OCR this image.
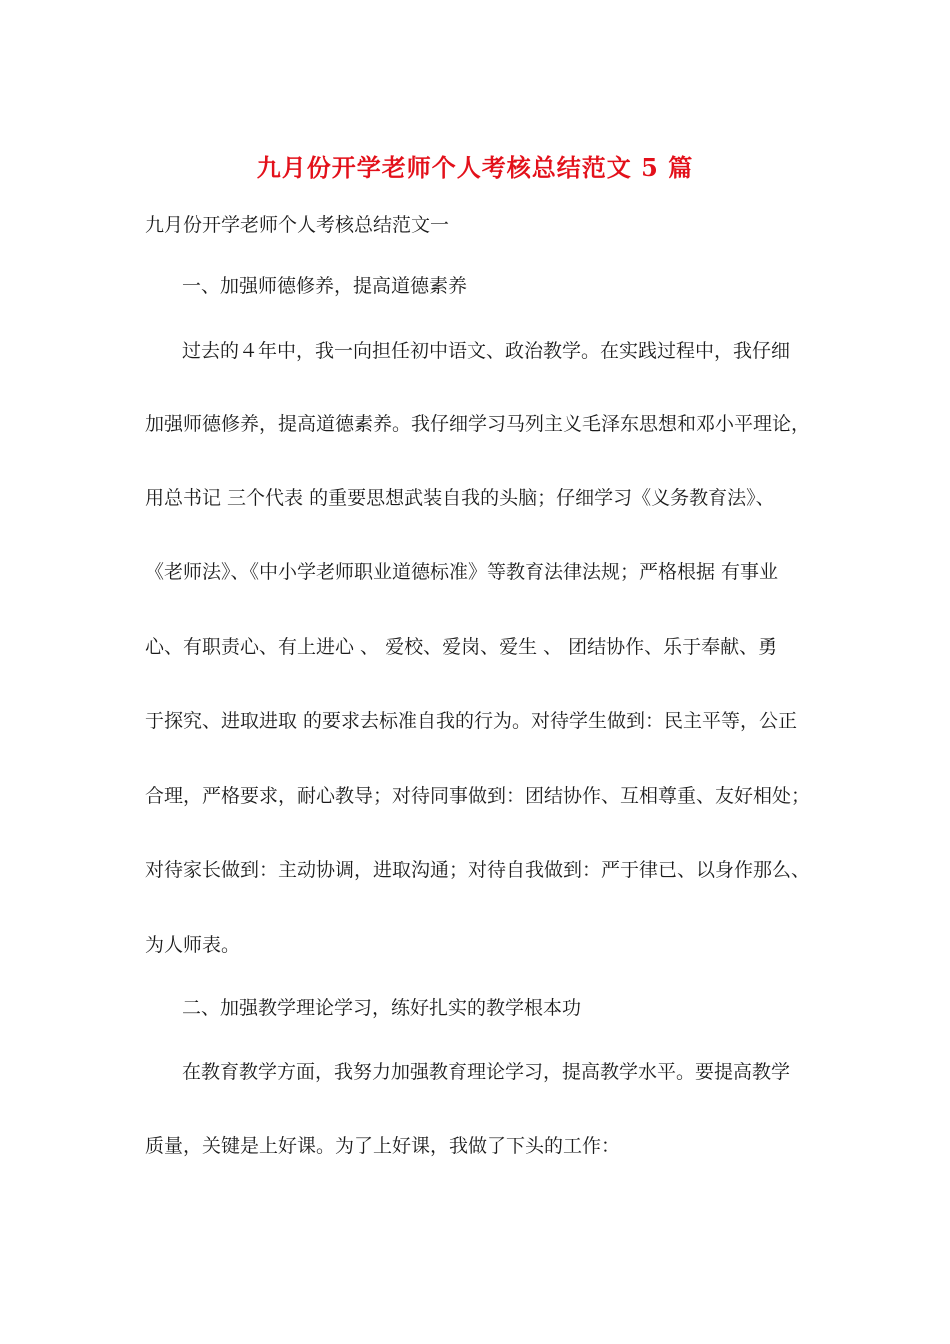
九月份开学老师个人考核总结范文 5 篇

九月份开学老师个人考核总结范文一

一、加强师德修养，提高道德素养

过去的４年中，我一向担任初中语文、政治教学。在实践过程中，我仔细

加强师德修养，提高道德素养。我仔细学习马列主义毛泽东思想和邓小平理论，

用总书记 三个代表 的重要思想武装自我的头脑；仔细学习《义务教育法》、

《老师法》、《中小学老师职业道德标准》等教育法律法规；严格根据 有事业

心、有职责心、有上进心 、 爱校、爱岗、爱生 、 团结协作、乐于奉献、勇

于探究、进取进取 的要求去标准自我的行为。对待学生做到：民主平等，公正

合理，严格要求，耐心教导；对待同事做到：团结协作、互相尊重、友好相处；

对待家长做到：主动协调，进取沟通；对待自我做到：严于律已、以身作那么、

为人师表。

二、加强教学理论学习，练好扎实的教学根本功

在教育教学方面，我努力加强教育理论学习，提高教学水平。要提高教学

质量，关键是上好课。为了上好课，我做了下头的工作：
